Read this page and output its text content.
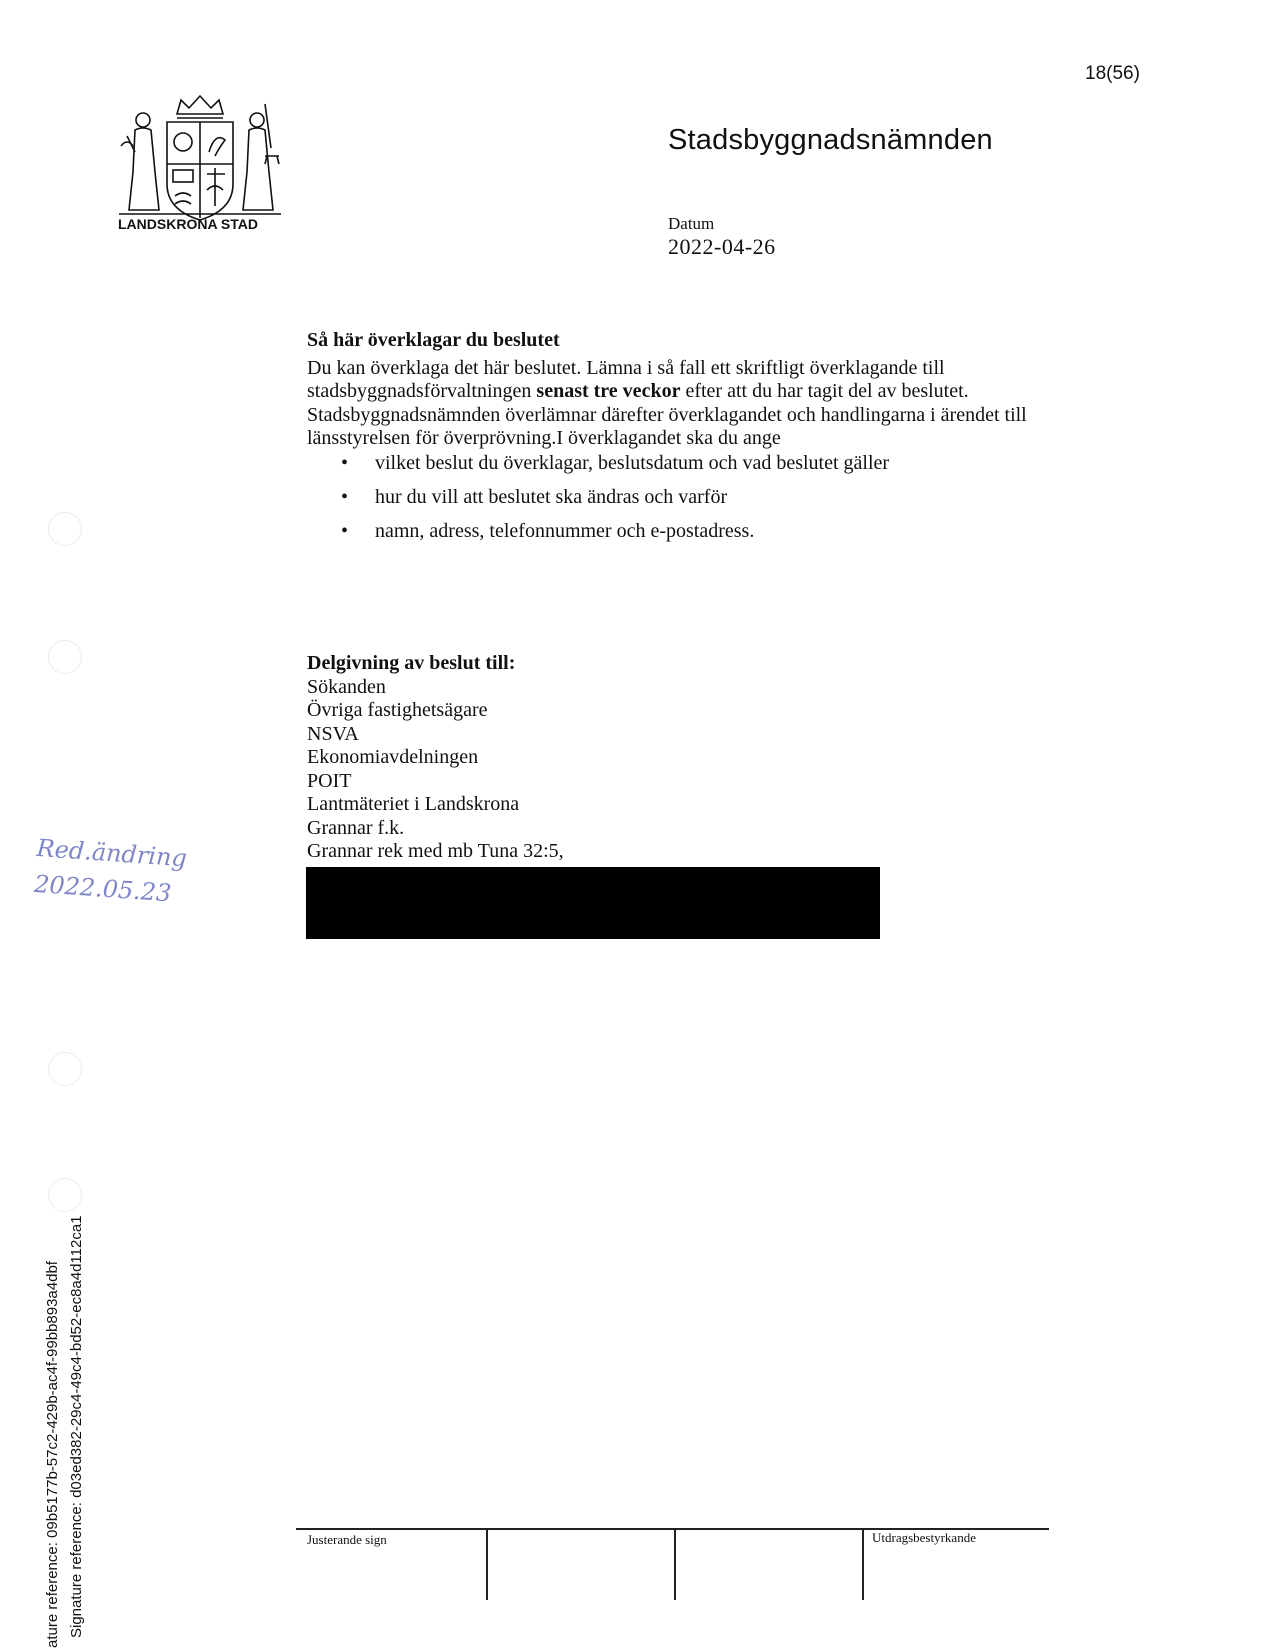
18(56)
LANDSKRONA STAD
Stadsbyggnadsnämnden
Datum
2022-04-26
Så här överklagar du beslutet

Du kan överklaga det här beslutet. Lämna i så fall ett skriftligt överklagande till stadsbyggnadsförvaltningen senast tre veckor efter att du har tagit del av beslutet. Stadsbyggnadsnämnden överlämnar därefter överklagandet och handlingarna i ärendet till länsstyrelsen för överprövning.I överklagandet ska du ange

• vilket beslut du överklagar, beslutsdatum och vad beslutet gäller
• hur du vill att beslutet ska ändras och varför
• namn, adress, telefonnummer och e-postadress.
Delgivning av beslut till:
Sökanden
Övriga fastighetsägare
NSVA
Ekonomiavdelningen
POIT
Lantmäteriet i Landskrona
Grannar f.k.
Grannar rek med mb Tuna 32:5,
Red.ändring
2022.05.23
ature reference: 09b5177b-57c2-429b-ac4f-99bb893a4dbf Signature reference: d03ed382-29c4-49c4-bd52-ec8a4d112ca1	Justerande sign	Utdragsbestyrkande
